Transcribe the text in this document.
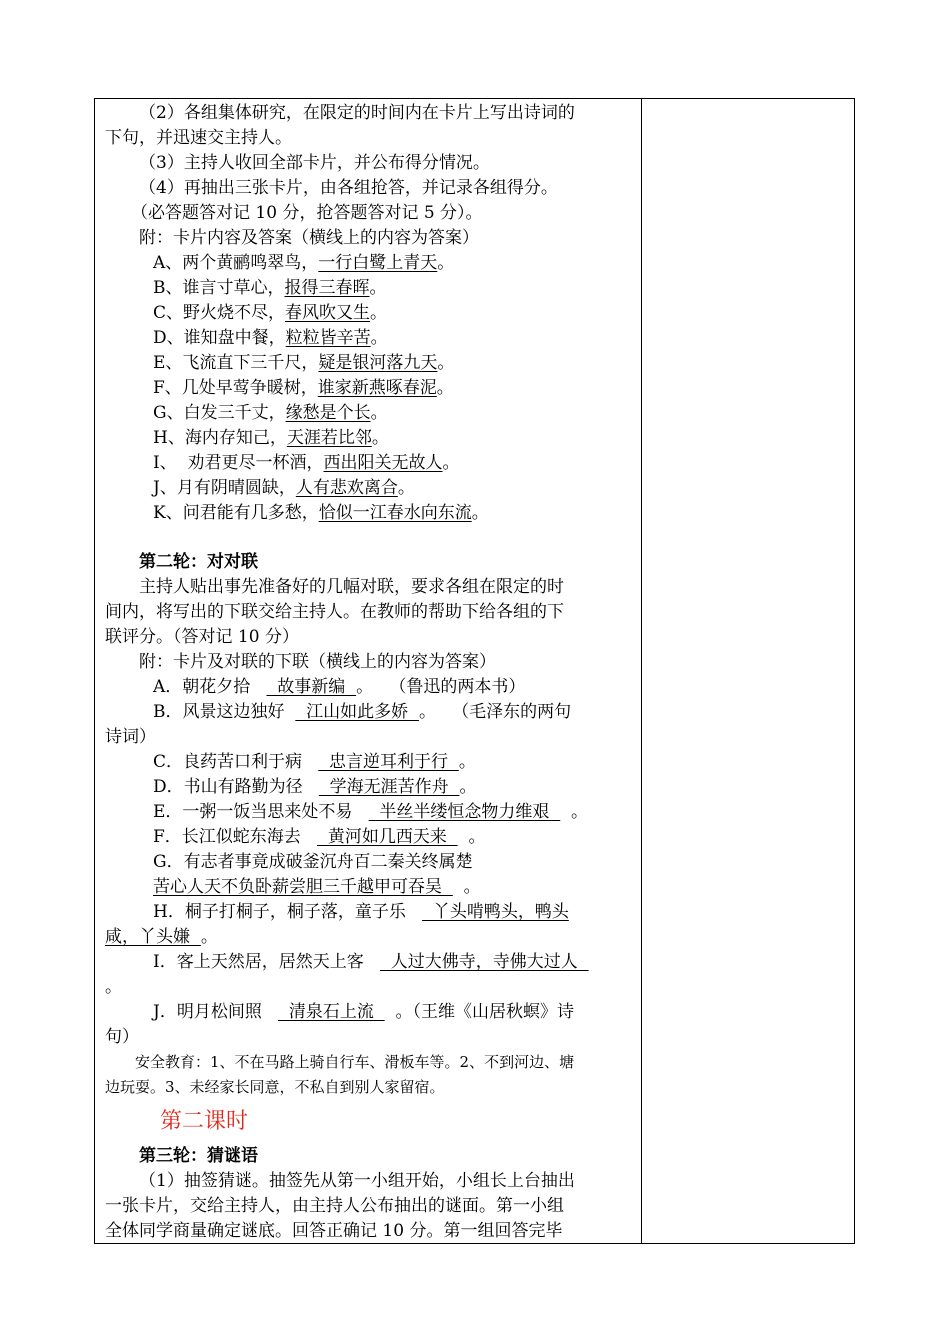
（2）各组集体研究，在限定的时间内在卡片上写出诗词的
下句，并迅速交主持人。
（3）主持人收回全部卡片，并公布得分情况。
（4）再抽出三张卡片，由各组抢答，并记录各组得分。
（必答题答对记 10 分，抢答题答对记 5 分）。
附：卡片内容及答案（横线上的内容为答案）
A、两个黄鹂鸣翠鸟，一行白鹭上青天。
B、谁言寸草心，报得三春晖。
C、野火烧不尽，春风吹又生。
D、谁知盘中餐，粒粒皆辛苦。
E、飞流直下三千尺，疑是银河落九天。
F、几处早莺争暖树，谁家新燕啄春泥。
G、白发三千丈，缘愁是个长。
H、海内存知己，天涯若比邻。
I、  劝君更尽一杯酒，西出阳关无故人。
J、月有阴晴圆缺，人有悲欢离合。
K、问君能有几多愁，恰似一江春水向东流。
第二轮：对对联
主持人贴出事先准备好的几幅对联，要求各组在限定的时
间内，将写出的下联交给主持人。在教师的帮助下给各组的下
联评分。（答对记 10 分）
附：卡片及对联的下联（横线上的内容为答案）
A．朝花夕拾     故事新编  。   （鲁迅的两本书）
B．风景这边独好    江山如此多娇  。   （毛泽东的两句
诗词）
C．良药苦口利于病     忠言逆耳利于行  。
D．书山有路勤为径     学海无涯苦作舟  。
E．一粥一饭当思来处不易     半丝半缕恒念物力维艰    。
F．长江似蛇东海去     黄河如几西天来    。
G．有志者事竟成破釜沉舟百二秦关终属楚
苦心人天不负卧薪尝胆三千越甲可吞吴    。
H．桐子打桐子，桐子落，童子乐     丫头啃鸭头，鸭头
咸，丫头嫌  。
I．客上天然居，居然天上客     人过大佛寺，寺佛大过人
。
J．明月松间照     清泉石上流    。（王维《山居秋螟》诗
句）
安全教育：1、不在马路上骑自行车、滑板车等。2、不到河边、塘
边玩耍。3、未经家长同意，不私自到别人家留宿。
第二课时
第三轮：猜谜语
（1）抽签猜谜。抽签先从第一小组开始，小组长上台抽出
一张卡片，交给主持人，由主持人公布抽出的谜面。第一小组
全体同学商量确定谜底。回答正确记 10 分。第一组回答完毕
